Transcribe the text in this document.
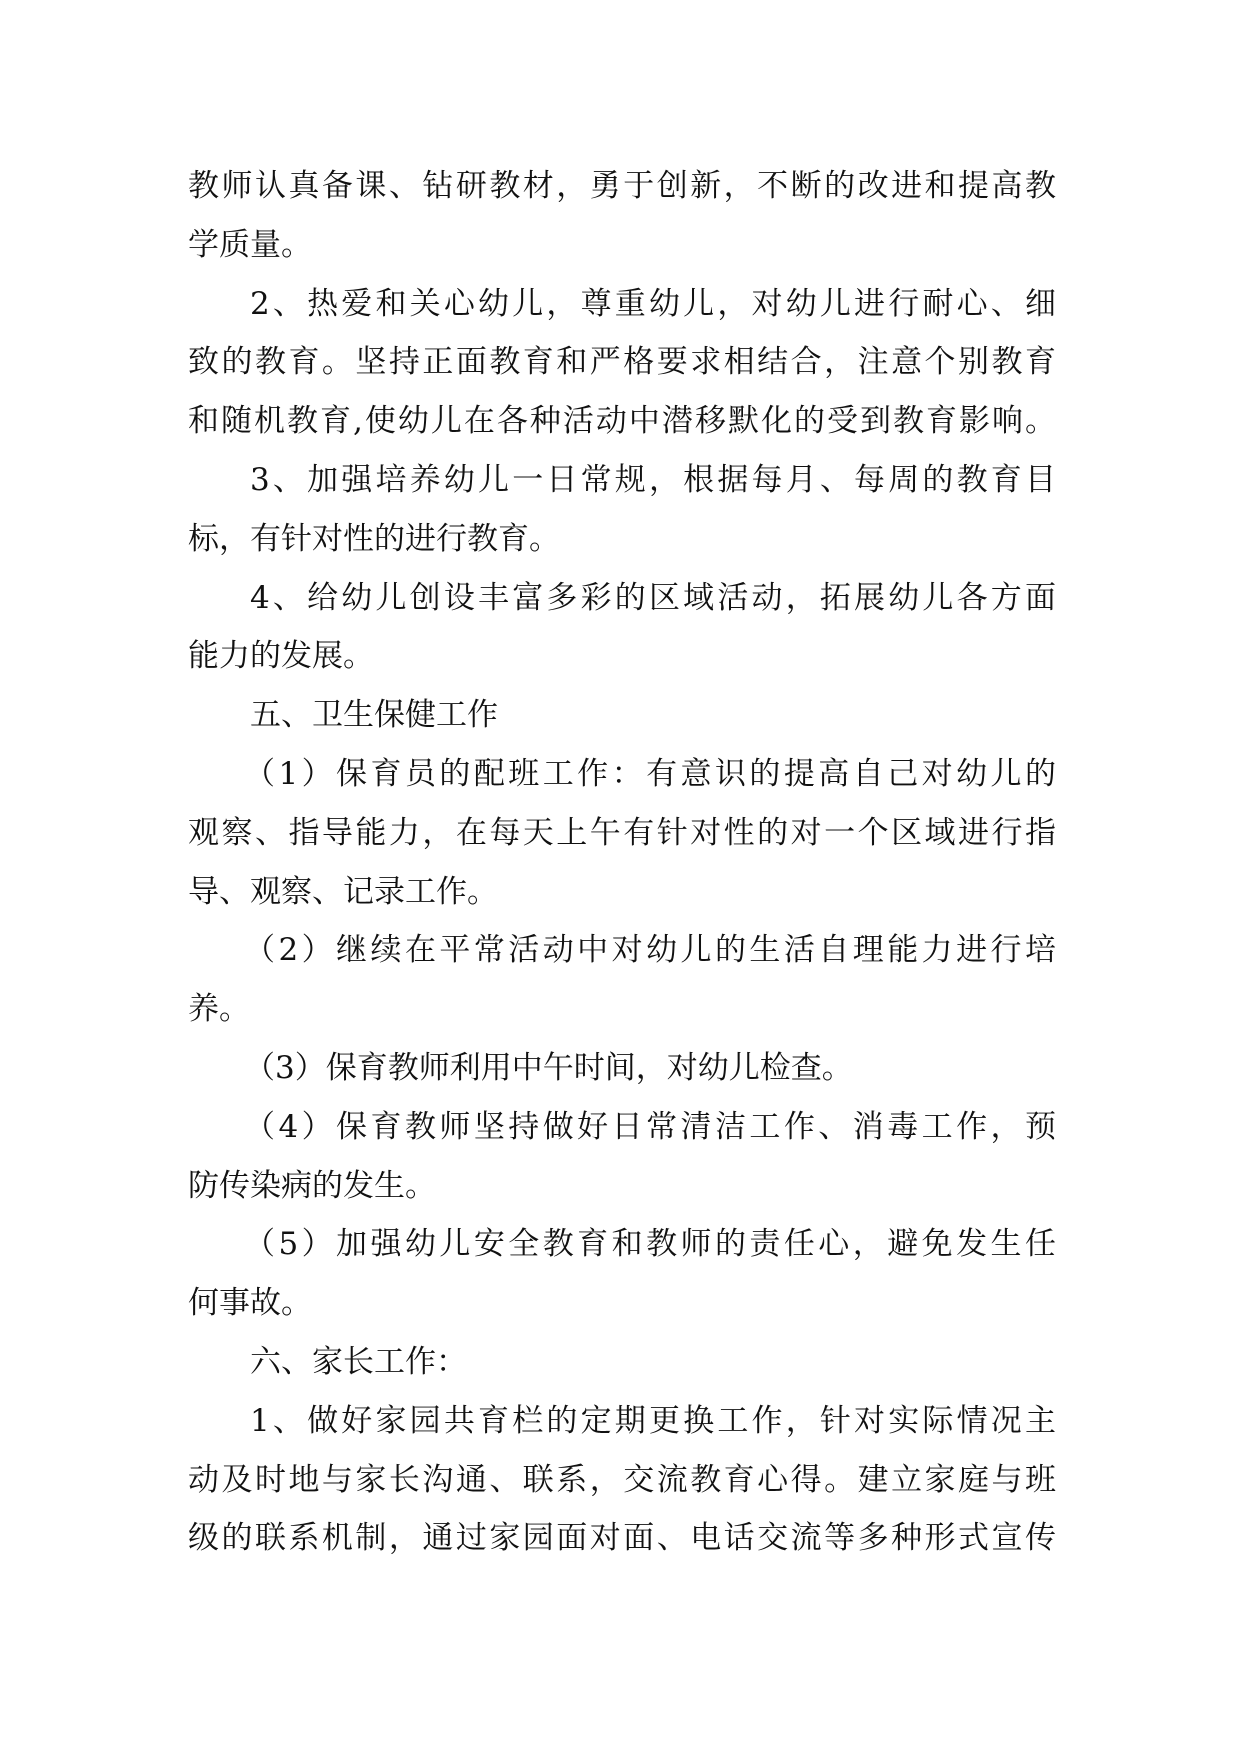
教师认真备课、钻研教材，勇于创新，不断的改进和提高教
学质量。
2、热爱和关心幼儿，尊重幼儿，对幼儿进行耐心、细
致的教育。坚持正面教育和严格要求相结合，注意个别教育
和随机教育,使幼儿在各种活动中潜移默化的受到教育影响。
3、加强培养幼儿一日常规，根据每月、每周的教育目
标，有针对性的进行教育。
4、给幼儿创设丰富多彩的区域活动，拓展幼儿各方面
能力的发展。
五、卫生保健工作
（1）保育员的配班工作：有意识的提高自己对幼儿的
观察、指导能力，在每天上午有针对性的对一个区域进行指
导、观察、记录工作。
（2）继续在平常活动中对幼儿的生活自理能力进行培
养。
（3）保育教师利用中午时间，对幼儿检查。
（4）保育教师坚持做好日常清洁工作、消毒工作，预
防传染病的发生。
（5）加强幼儿安全教育和教师的责任心，避免发生任
何事故。
六、家长工作：
1、做好家园共育栏的定期更换工作，针对实际情况主
动及时地与家长沟通、联系，交流教育心得。建立家庭与班
级的联系机制，通过家园面对面、电话交流等多种形式宣传
